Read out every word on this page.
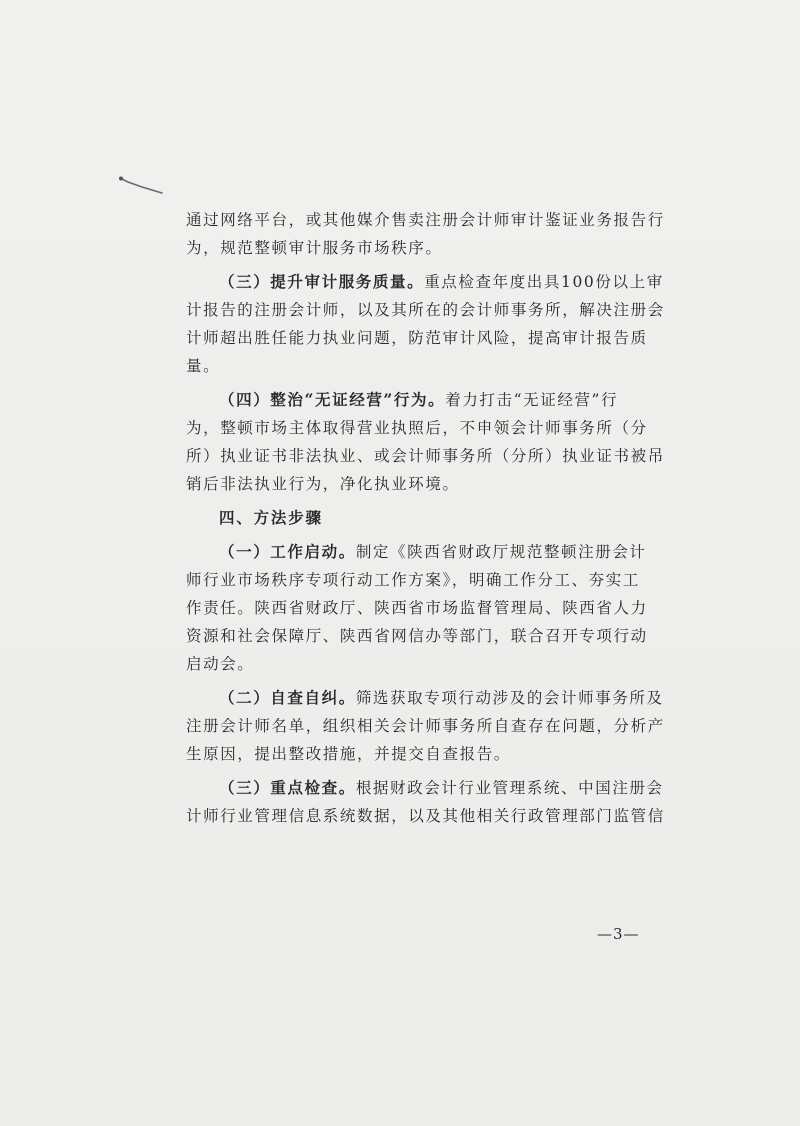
通过网络平台，或其他媒介售卖注册会计师审计鉴证业务报告行
为，规范整顿审计服务市场秩序。
（三）提升审计服务质量。重点检查年度出具100份以上审
计报告的注册会计师，以及其所在的会计师事务所，解决注册会
计师超出胜任能力执业问题，防范审计风险，提高审计报告质
量。
（四）整治“无证经营”行为。着力打击“无证经营”行
为，整顿市场主体取得营业执照后，不申领会计师事务所（分
所）执业证书非法执业、或会计师事务所（分所）执业证书被吊
销后非法执业行为，净化执业环境。
四、方法步骤
（一）工作启动。制定《陕西省财政厅规范整顿注册会计
师行业市场秩序专项行动工作方案》，明确工作分工、夯实工
作责任。陕西省财政厅、陕西省市场监督管理局、陕西省人力
资源和社会保障厅、陕西省网信办等部门，联合召开专项行动
启动会。
（二）自查自纠。筛选获取专项行动涉及的会计师事务所及
注册会计师名单，组织相关会计师事务所自查存在问题，分析产
生原因，提出整改措施，并提交自查报告。
（三）重点检查。根据财政会计行业管理系统、中国注册会
计师行业管理信息系统数据，以及其他相关行政管理部门监管信
—3—
